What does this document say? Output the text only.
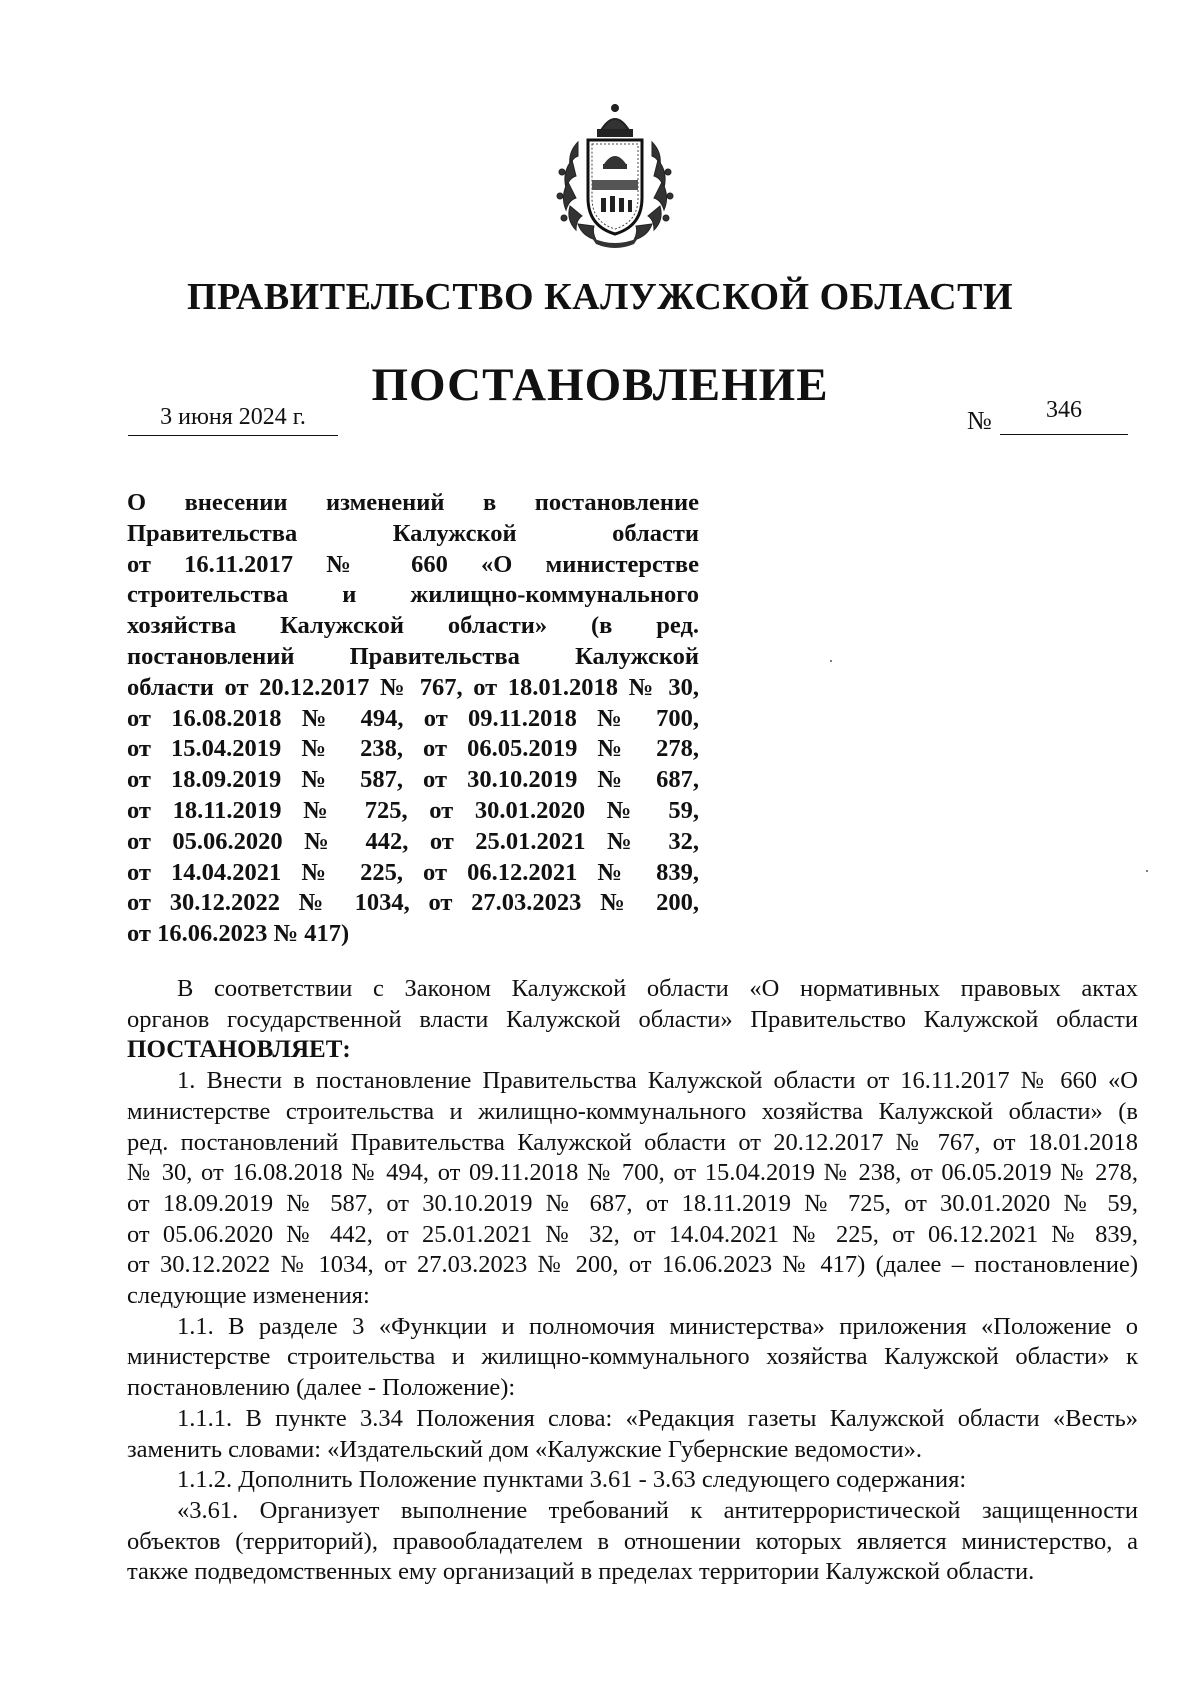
ПРАВИТЕЛЬСТВО КАЛУЖСКОЙ ОБЛАСТИ
ПОСТАНОВЛЕНИЕ
3 июня 2024 г.	№	346
О внесении изменений в постановление
Правительства Калужской области
от 16.11.2017 № 660 «О министерстве
строительства и жилищно-коммунального
хозяйства Калужской области» (в ред.
постановлений Правительства Калужской
области от 20.12.2017 № 767, от 18.01.2018 № 30,
от 16.08.2018 № 494, от 09.11.2018 № 700,
от 15.04.2019 № 238, от 06.05.2019 № 278,
от 18.09.2019 № 587, от 30.10.2019 № 687,
от 18.11.2019 № 725, от 30.01.2020 № 59,
от 05.06.2020 № 442, от 25.01.2021 № 32,
от 14.04.2021 № 225, от 06.12.2021 № 839,
от 30.12.2022 № 1034, от 27.03.2023 № 200,
от 16.06.2023 № 417)
В соответствии с Законом Калужской области «О нормативных правовых актах
органов государственной власти Калужской области» Правительство Калужской области
ПОСТАНОВЛЯЕТ:
1. Внести в постановление Правительства Калужской области от 16.11.2017 № 660 «О
министерстве строительства и жилищно-коммунального хозяйства Калужской области» (в
ред. постановлений Правительства Калужской области от 20.12.2017 № 767, от 18.01.2018
№ 30, от 16.08.2018 № 494, от 09.11.2018 № 700, от 15.04.2019 № 238, от 06.05.2019 № 278,
от 18.09.2019 № 587, от 30.10.2019 № 687, от 18.11.2019 № 725, от 30.01.2020 № 59,
от 05.06.2020 № 442, от 25.01.2021 № 32, от 14.04.2021 № 225, от 06.12.2021 № 839,
от 30.12.2022 № 1034, от 27.03.2023 № 200, от 16.06.2023 № 417) (далее – постановление)
следующие изменения:
1.1. В разделе 3 «Функции и полномочия министерства» приложения «Положение о
министерстве строительства и жилищно-коммунального хозяйства Калужской области» к
постановлению (далее - Положение):
1.1.1. В пункте 3.34 Положения слова: «Редакция газеты Калужской области «Весть»
заменить словами: «Издательский дом «Калужские Губернские ведомости».
1.1.2. Дополнить Положение пунктами 3.61 - 3.63 следующего содержания:
«3.61. Организует выполнение требований к антитеррористической защищенности
объектов (территорий), правообладателем в отношении которых является министерство, а
также подведомственных ему организаций в пределах территории Калужской области.
